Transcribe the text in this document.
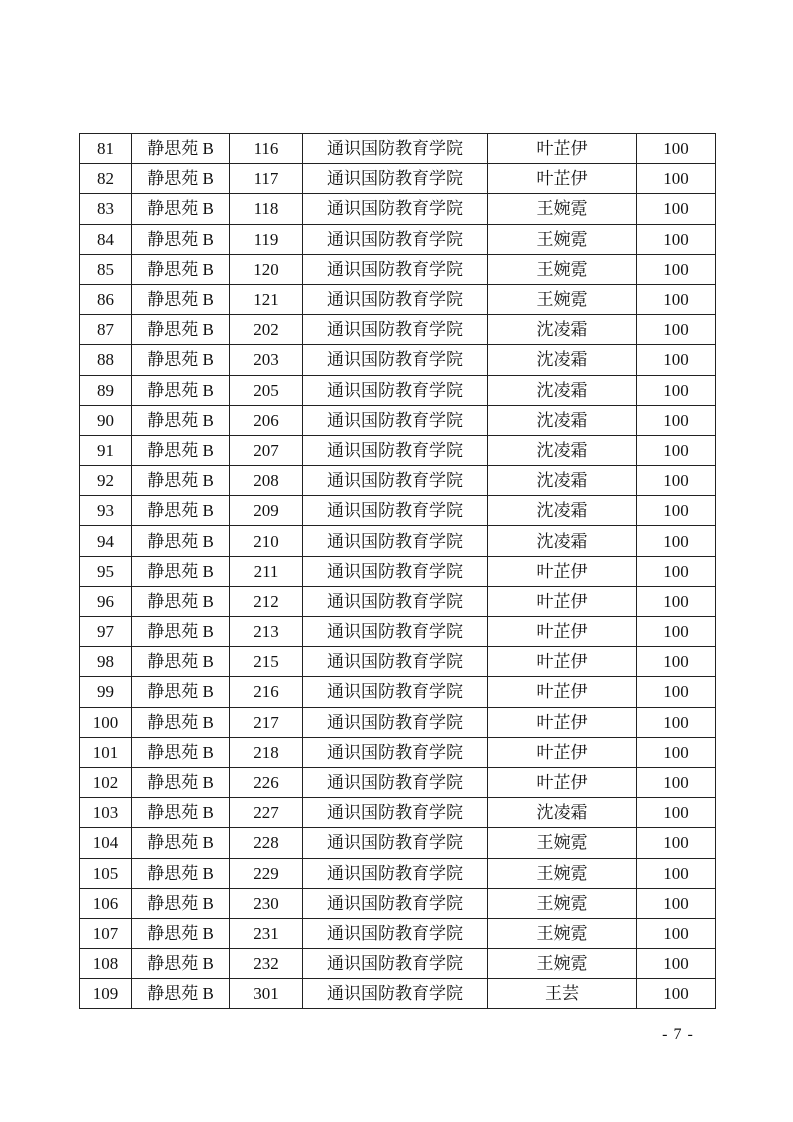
81	静思苑 B	116	通识国防教育学院	叶芷伊	100
82	静思苑 B	117	通识国防教育学院	叶芷伊	100
83	静思苑 B	118	通识国防教育学院	王婉霓	100
84	静思苑 B	119	通识国防教育学院	王婉霓	100
85	静思苑 B	120	通识国防教育学院	王婉霓	100
86	静思苑 B	121	通识国防教育学院	王婉霓	100
87	静思苑 B	202	通识国防教育学院	沈凌霜	100
88	静思苑 B	203	通识国防教育学院	沈凌霜	100
89	静思苑 B	205	通识国防教育学院	沈凌霜	100
90	静思苑 B	206	通识国防教育学院	沈凌霜	100
91	静思苑 B	207	通识国防教育学院	沈凌霜	100
92	静思苑 B	208	通识国防教育学院	沈凌霜	100
93	静思苑 B	209	通识国防教育学院	沈凌霜	100
94	静思苑 B	210	通识国防教育学院	沈凌霜	100
95	静思苑 B	211	通识国防教育学院	叶芷伊	100
96	静思苑 B	212	通识国防教育学院	叶芷伊	100
97	静思苑 B	213	通识国防教育学院	叶芷伊	100
98	静思苑 B	215	通识国防教育学院	叶芷伊	100
99	静思苑 B	216	通识国防教育学院	叶芷伊	100
100	静思苑 B	217	通识国防教育学院	叶芷伊	100
101	静思苑 B	218	通识国防教育学院	叶芷伊	100
102	静思苑 B	226	通识国防教育学院	叶芷伊	100
103	静思苑 B	227	通识国防教育学院	沈凌霜	100
104	静思苑 B	228	通识国防教育学院	王婉霓	100
105	静思苑 B	229	通识国防教育学院	王婉霓	100
106	静思苑 B	230	通识国防教育学院	王婉霓	100
107	静思苑 B	231	通识国防教育学院	王婉霓	100
108	静思苑 B	232	通识国防教育学院	王婉霓	100
109	静思苑 B	301	通识国防教育学院	王芸	100
- 7 -
